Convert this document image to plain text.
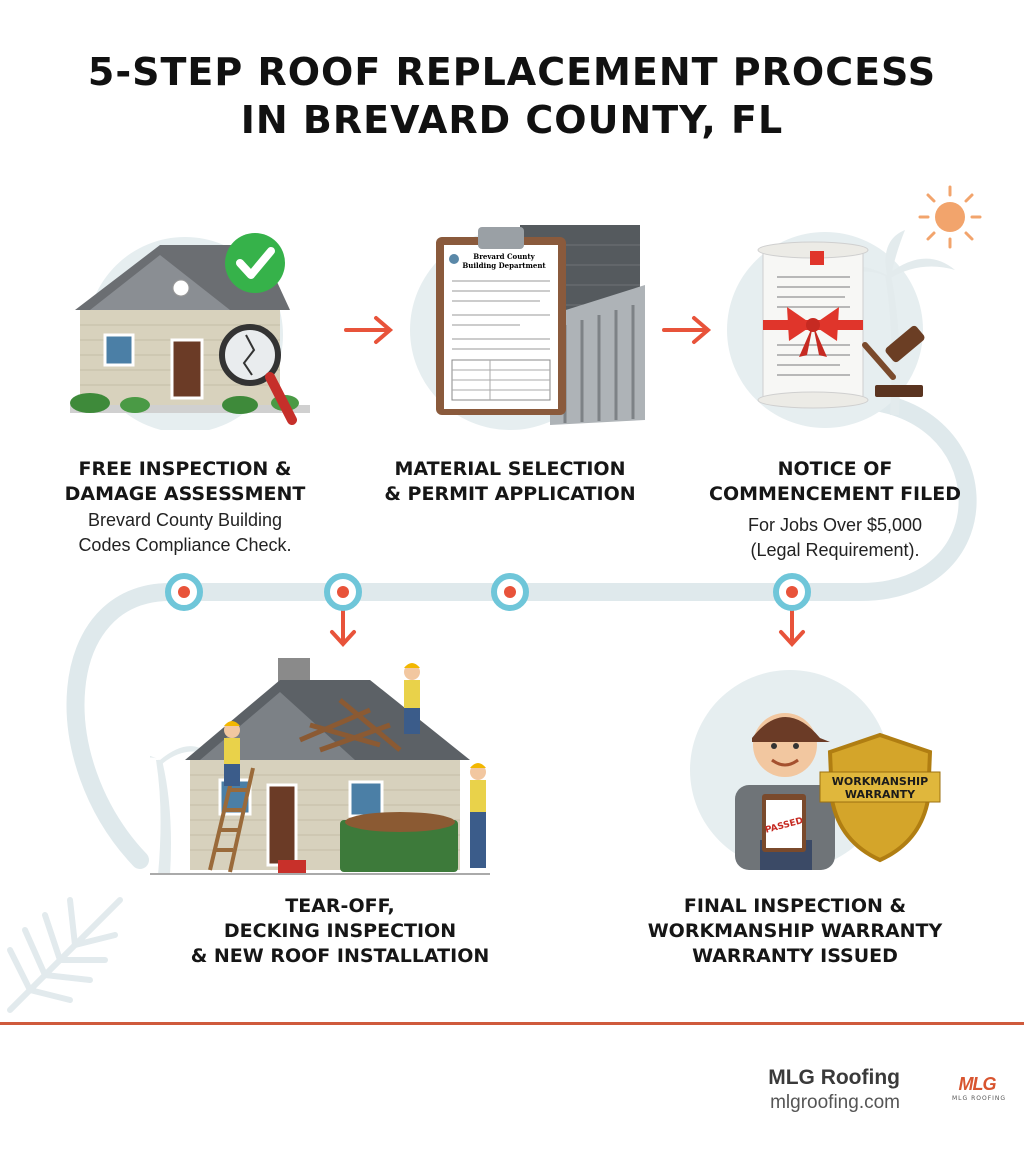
5-STEP ROOF REPLACEMENT PROCESS
IN BREVARD COUNTY, FL
Brevard County
Building Department
PASSED
WORKMANSHIP
WARRANTY
FREE INSPECTION &
DAMAGE ASSESSMENT
Brevard County Building
Codes Compliance Check.
MATERIAL SELECTION
& PERMIT APPLICATION
NOTICE OF
COMMENCEMENT FILED
For Jobs Over $5,000
(Legal Requirement).
TEAR-OFF,
DECKING INSPECTION
& NEW ROOF INSTALLATION
FINAL INSPECTION &
WORKMANSHIP WARRANTY
WARRANTY ISSUED
MLG Roofing
mlgroofing.com
MLG
MLG ROOFING
